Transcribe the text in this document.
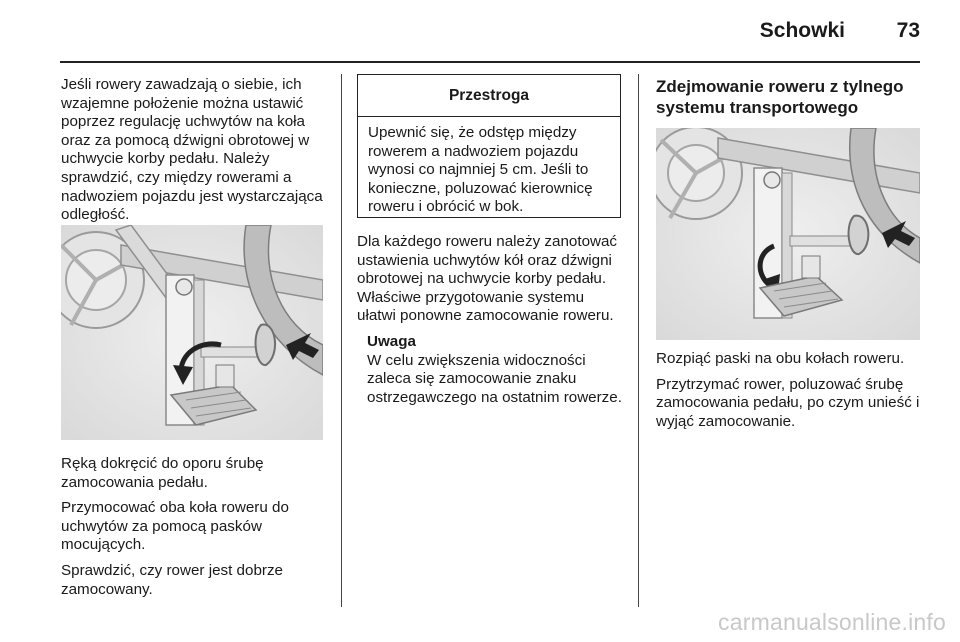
Schowki 73

Jeśli rowery zawadzają o siebie, ich wzajemne położenie można ustawić poprzez regulację uchwytów na koła oraz za pomocą dźwigni obrotowej w uchwycie korby pedału. Należy sprawdzić, czy między rowerami a nadwoziem pojazdu jest wystarczająca odległość.

Ręką dokręcić do oporu śrubę zamocowania pedału.

Przymocować oba koła roweru do uchwytów za pomocą pasków mocujących.

Sprawdzić, czy rower jest dobrze zamocowany.

Przestroga

Upewnić się, że odstęp między rowerem a nadwoziem pojazdu wynosi co najmniej 5 cm. Jeśli to konieczne, poluzować kierownicę roweru i obrócić w bok.

Dla każdego roweru należy zanotować ustawienia uchwytów kół oraz dźwigni obrotowej na uchwycie korby pedału. Właściwe przygotowanie systemu ułatwi ponowne zamocowanie roweru.

Uwaga

W celu zwiększenia widoczności zaleca się zamocowanie znaku ostrzegawczego na ostatnim rowerze.

Zdejmowanie roweru z tylnego systemu transportowego

Rozpiąć paski na obu kołach roweru.

Przytrzymać rower, poluzować śrubę zamocowania pedału, po czym unieść i wyjąć zamocowanie.

carmanualsonline.info
